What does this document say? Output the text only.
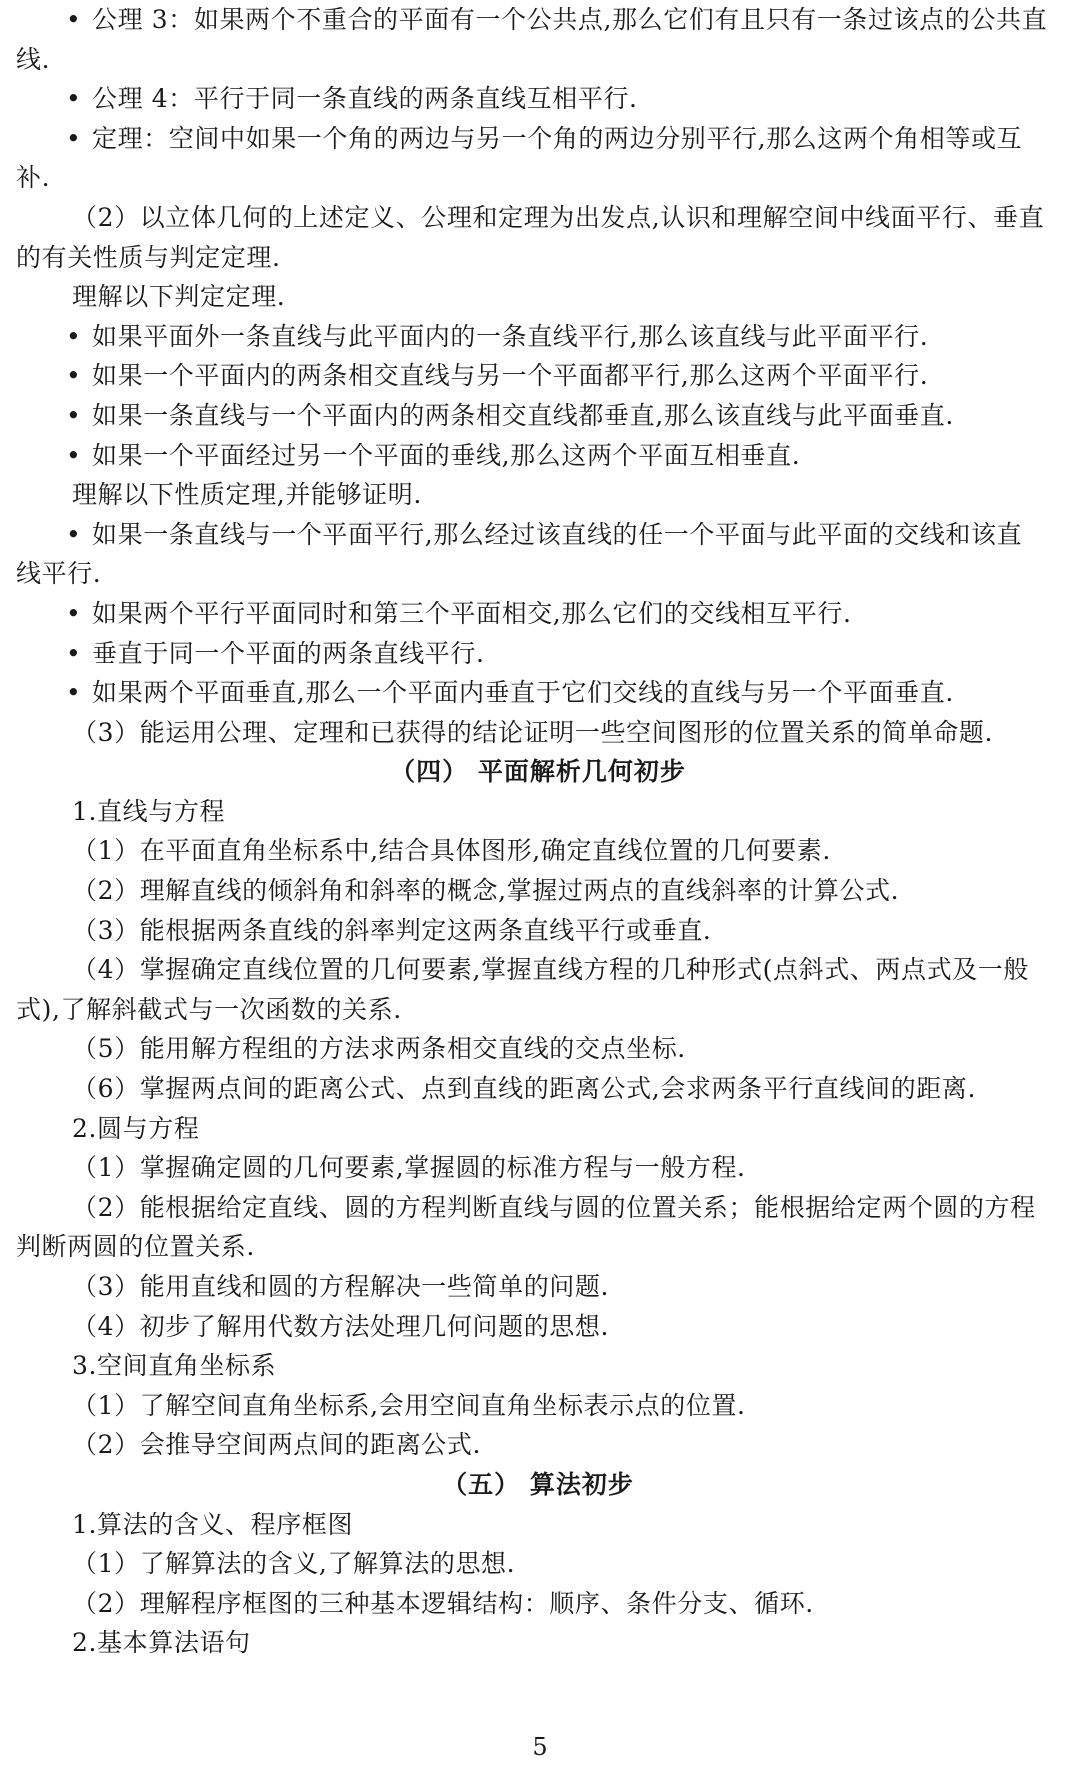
• 公理 3：如果两个不重合的平面有一个公共点,那么它们有且只有一条过该点的公共直
线.
• 公理 4：平行于同一条直线的两条直线互相平行.
• 定理：空间中如果一个角的两边与另一个角的两边分别平行,那么这两个角相等或互
补.
（2）以立体几何的上述定义、公理和定理为出发点,认识和理解空间中线面平行、垂直
的有关性质与判定定理.
理解以下判定定理.
• 如果平面外一条直线与此平面内的一条直线平行,那么该直线与此平面平行.
• 如果一个平面内的两条相交直线与另一个平面都平行,那么这两个平面平行.
• 如果一条直线与一个平面内的两条相交直线都垂直,那么该直线与此平面垂直.
• 如果一个平面经过另一个平面的垂线,那么这两个平面互相垂直.
理解以下性质定理,并能够证明.
• 如果一条直线与一个平面平行,那么经过该直线的任一个平面与此平面的交线和该直
线平行.
• 如果两个平行平面同时和第三个平面相交,那么它们的交线相互平行.
• 垂直于同一个平面的两条直线平行.
• 如果两个平面垂直,那么一个平面内垂直于它们交线的直线与另一个平面垂直.
（3）能运用公理、定理和已获得的结论证明一些空间图形的位置关系的简单命题.
（四） 平面解析几何初步
1.直线与方程
（1）在平面直角坐标系中,结合具体图形,确定直线位置的几何要素.
（2）理解直线的倾斜角和斜率的概念,掌握过两点的直线斜率的计算公式.
（3）能根据两条直线的斜率判定这两条直线平行或垂直.
（4）掌握确定直线位置的几何要素,掌握直线方程的几种形式(点斜式、两点式及一般
式),了解斜截式与一次函数的关系.
（5）能用解方程组的方法求两条相交直线的交点坐标.
（6）掌握两点间的距离公式、点到直线的距离公式,会求两条平行直线间的距离.
2.圆与方程
（1）掌握确定圆的几何要素,掌握圆的标准方程与一般方程.
（2）能根据给定直线、圆的方程判断直线与圆的位置关系；能根据给定两个圆的方程
判断两圆的位置关系.
（3）能用直线和圆的方程解决一些简单的问题.
（4）初步了解用代数方法处理几何问题的思想.
3.空间直角坐标系
（1）了解空间直角坐标系,会用空间直角坐标表示点的位置.
（2）会推导空间两点间的距离公式.
（五） 算法初步
1.算法的含义、程序框图
（1）了解算法的含义,了解算法的思想.
（2）理解程序框图的三种基本逻辑结构：顺序、条件分支、循环.
2.基本算法语句
5
